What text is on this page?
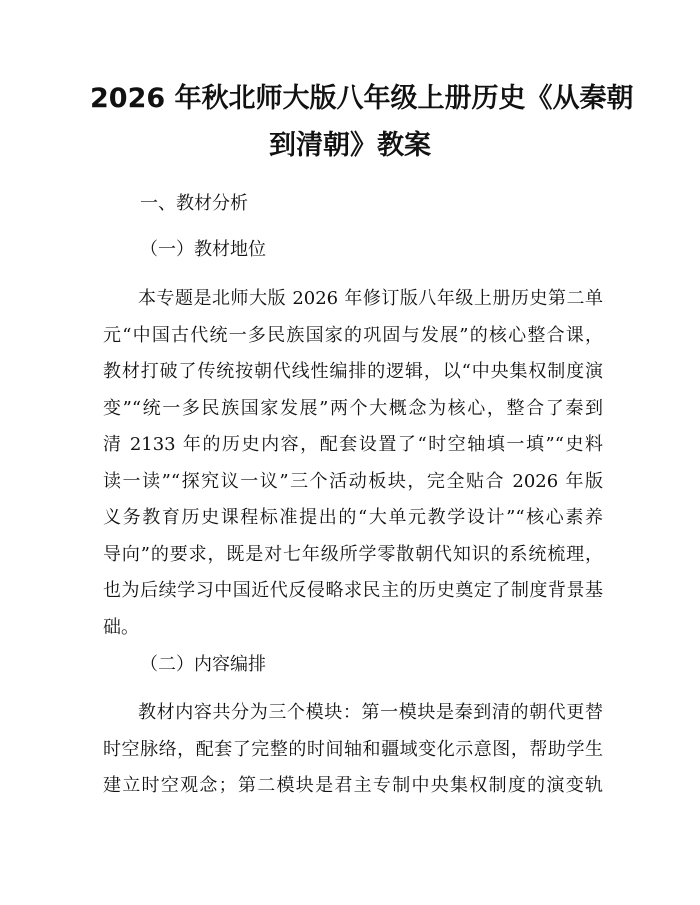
2026 年秋北师大版八年级上册历史《从秦朝
到清朝》教案

一、教材分析

（一）教材地位

本专题是北师大版 2026 年修订版八年级上册历史第二单
元“中国古代统一多民族国家的巩固与发展”的核心整合课，
教材打破了传统按朝代线性编排的逻辑，以“中央集权制度演
变”“统一多民族国家发展”两个大概念为核心，整合了秦到
清 2133 年的历史内容，配套设置了“时空轴填一填”“史料
读一读”“探究议一议”三个活动板块，完全贴合 2026 年版
义务教育历史课程标准提出的“大单元教学设计”“核心素养
导向”的要求，既是对七年级所学零散朝代知识的系统梳理，
也为后续学习中国近代反侵略求民主的历史奠定了制度背景基
础。

（二）内容编排

教材内容共分为三个模块：第一模块是秦到清的朝代更替
时空脉络，配套了完整的时间轴和疆域变化示意图，帮助学生
建立时空观念；第二模块是君主专制中央集权制度的演变轨
